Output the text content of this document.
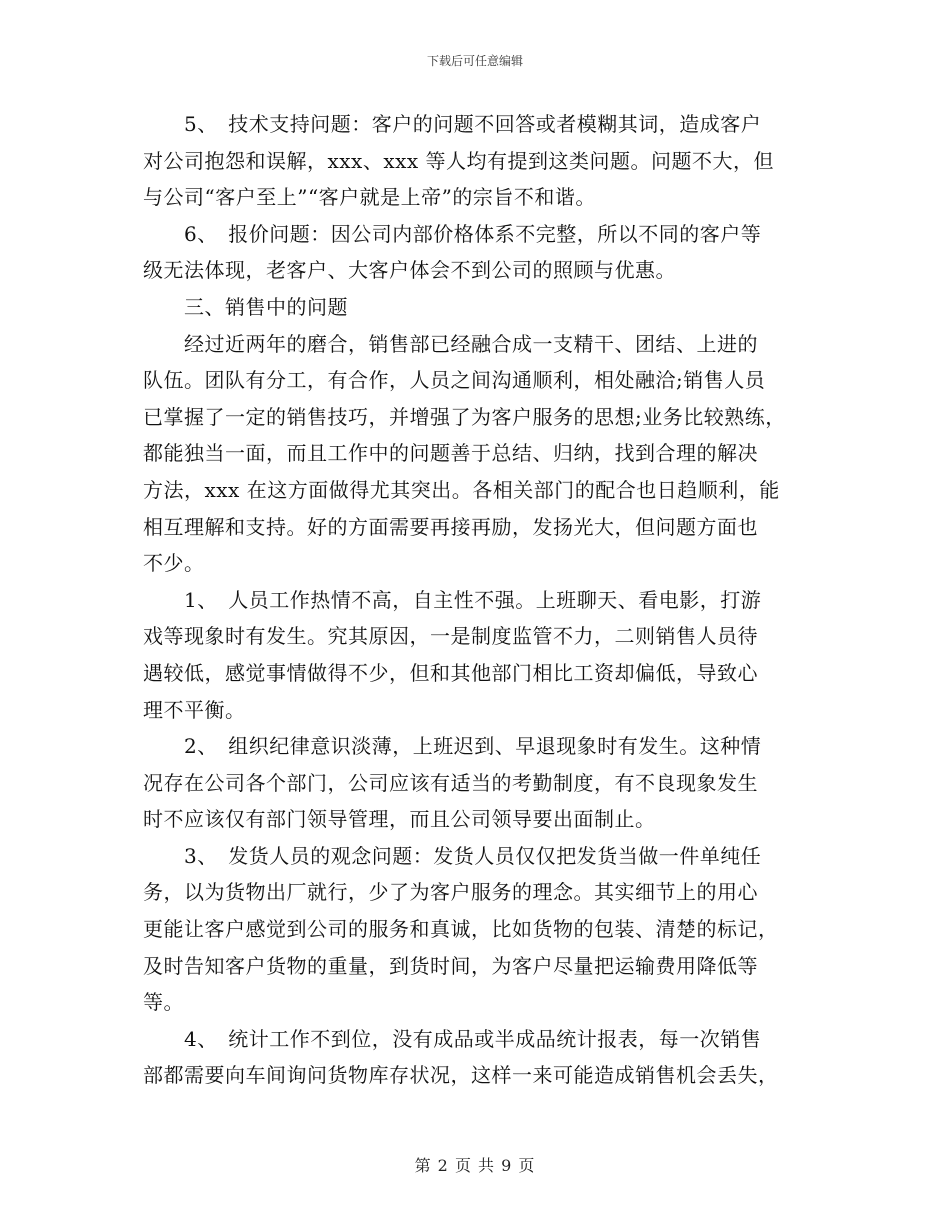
下载后可任意编辑
　　5、　技术支持问题：客户的问题不回答或者模糊其词，造成客户
对公司抱怨和误解，xxx、xxx 等人均有提到这类问题。问题不大，但
与公司“客户至上”“客户就是上帝”的宗旨不和谐。
　　6、　报价问题：因公司内部价格体系不完整，所以不同的客户等
级无法体现，老客户、大客户体会不到公司的照顾与优惠。
　　三、销售中的问题
　　经过近两年的磨合，销售部已经融合成一支精干、团结、上进的
队伍。团队有分工，有合作，人员之间沟通顺利，相处融洽;销售人员
已掌握了一定的销售技巧，并增强了为客户服务的思想;业务比较熟练，
都能独当一面，而且工作中的问题善于总结、归纳，找到合理的解决
方法，xxx 在这方面做得尤其突出。各相关部门的配合也日趋顺利，能
相互理解和支持。好的方面需要再接再励，发扬光大，但问题方面也
不少。
　　1、　人员工作热情不高，自主性不强。上班聊天、看电影，打游
戏等现象时有发生。究其原因，一是制度监管不力，二则销售人员待
遇较低，感觉事情做得不少，但和其他部门相比工资却偏低，导致心
理不平衡。
　　2、　组织纪律意识淡薄，上班迟到、早退现象时有发生。这种情
况存在公司各个部门，公司应该有适当的考勤制度，有不良现象发生
时不应该仅有部门领导管理，而且公司领导要出面制止。
　　3、　发货人员的观念问题：发货人员仅仅把发货当做一件单纯任
务，以为货物出厂就行，少了为客户服务的理念。其实细节上的用心
更能让客户感觉到公司的服务和真诚，比如货物的包装、清楚的标记，
及时告知客户货物的重量，到货时间，为客户尽量把运输费用降低等
等。
　　4、　统计工作不到位，没有成品或半成品统计报表，每一次销售
部都需要向车间询问货物库存状况，这样一来可能造成销售机会丢失，
第 2 页 共 9 页
